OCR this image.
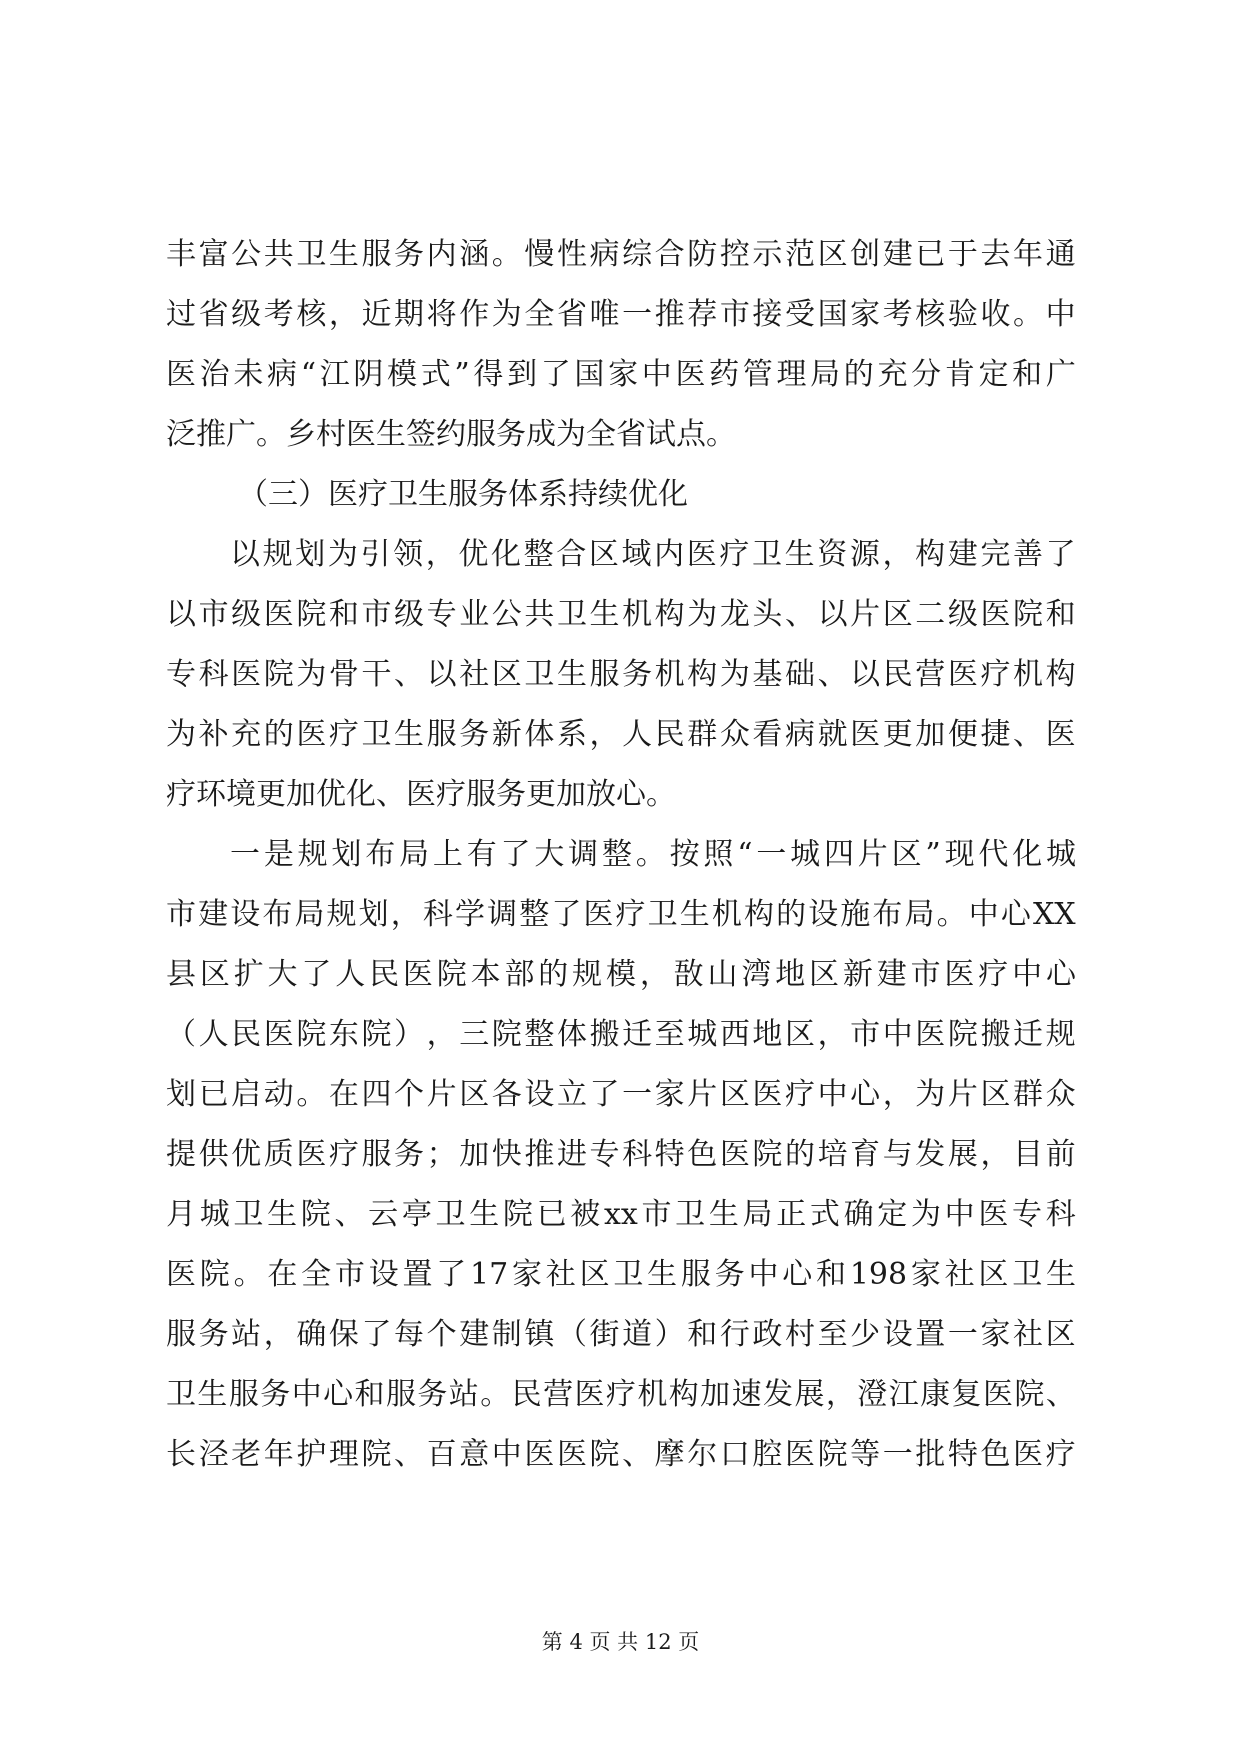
丰 富 公 共 卫 生 服 务 内 涵 。 慢 性 病 综 合 防 控 示 范 区 创 建 已 于 去 年 通
过 省 级 考 核 ， 近 期 将 作 为 全 省 唯 一 推 荐 市 接 受 国 家 考 核 验 收 。 中
医 治 未 病 “ 江 阴 模 式 ” 得 到 了 国 家 中 医 药 管 理 局 的 充 分 肯 定 和 广
泛推广。乡村医生签约服务成为全省试点。
（三）医疗卫生服务体系持续优化
以 规 划 为 引 领 ， 优 化 整 合 区 域 内 医 疗 卫 生 资 源 ， 构 建 完 善 了
以 市 级 医 院 和 市 级 专 业 公 共 卫 生 机 构 为 龙 头 、 以 片 区 二 级 医 院 和
专 科 医 院 为 骨 干 、 以 社 区 卫 生 服 务 机 构 为 基 础 、 以 民 营 医 疗 机 构
为 补 充 的 医 疗 卫 生 服 务 新 体 系 ， 人 民 群 众 看 病 就 医 更 加 便 捷 、 医
疗环境更加优化、医疗服务更加放心。
一 是 规 划 布 局 上 有 了 大 调 整 。 按 照 “ 一 城 四 片 区 ” 现 代 化 城
市 建 设 布 局 规 划 ， 科 学 调 整 了 医 疗 卫 生 机 构 的 设 施 布 局 。 中 心 XX
县 区 扩 大 了 人 民 医 院 本 部 的 规 模 ， 敔 山 湾 地 区 新 建 市 医 疗 中 心
（ 人 民 医 院 东 院 ） ， 三 院 整 体 搬 迁 至 城 西 地 区 ， 市 中 医 院 搬 迁 规
划 已 启 动 。 在 四 个 片 区 各 设 立 了 一 家 片 区 医 疗 中 心 ， 为 片 区 群 众
提 供 优 质 医 疗 服 务 ； 加 快 推 进 专 科 特 色 医 院 的 培 育 与 发 展 ， 目 前
月 城 卫 生 院 、 云 亭 卫 生 院 已 被 xx 市 卫 生 局 正 式 确 定 为 中 医 专 科
医 院 。 在 全 市 设 置 了 17 家 社 区 卫 生 服 务 中 心 和 198 家 社 区 卫 生
服 务 站 ， 确 保 了 每 个 建 制 镇 （ 街 道 ） 和 行 政 村 至 少 设 置 一 家 社 区
卫 生 服 务 中 心 和 服 务 站 。 民 营 医 疗 机 构 加 速 发 展 ， 澄 江 康 复 医 院 、
长 泾 老 年 护 理 院 、 百 意 中 医 医 院 、 摩 尔 口 腔 医 院 等 一 批 特 色 医 疗
第 4 页 共 12 页
